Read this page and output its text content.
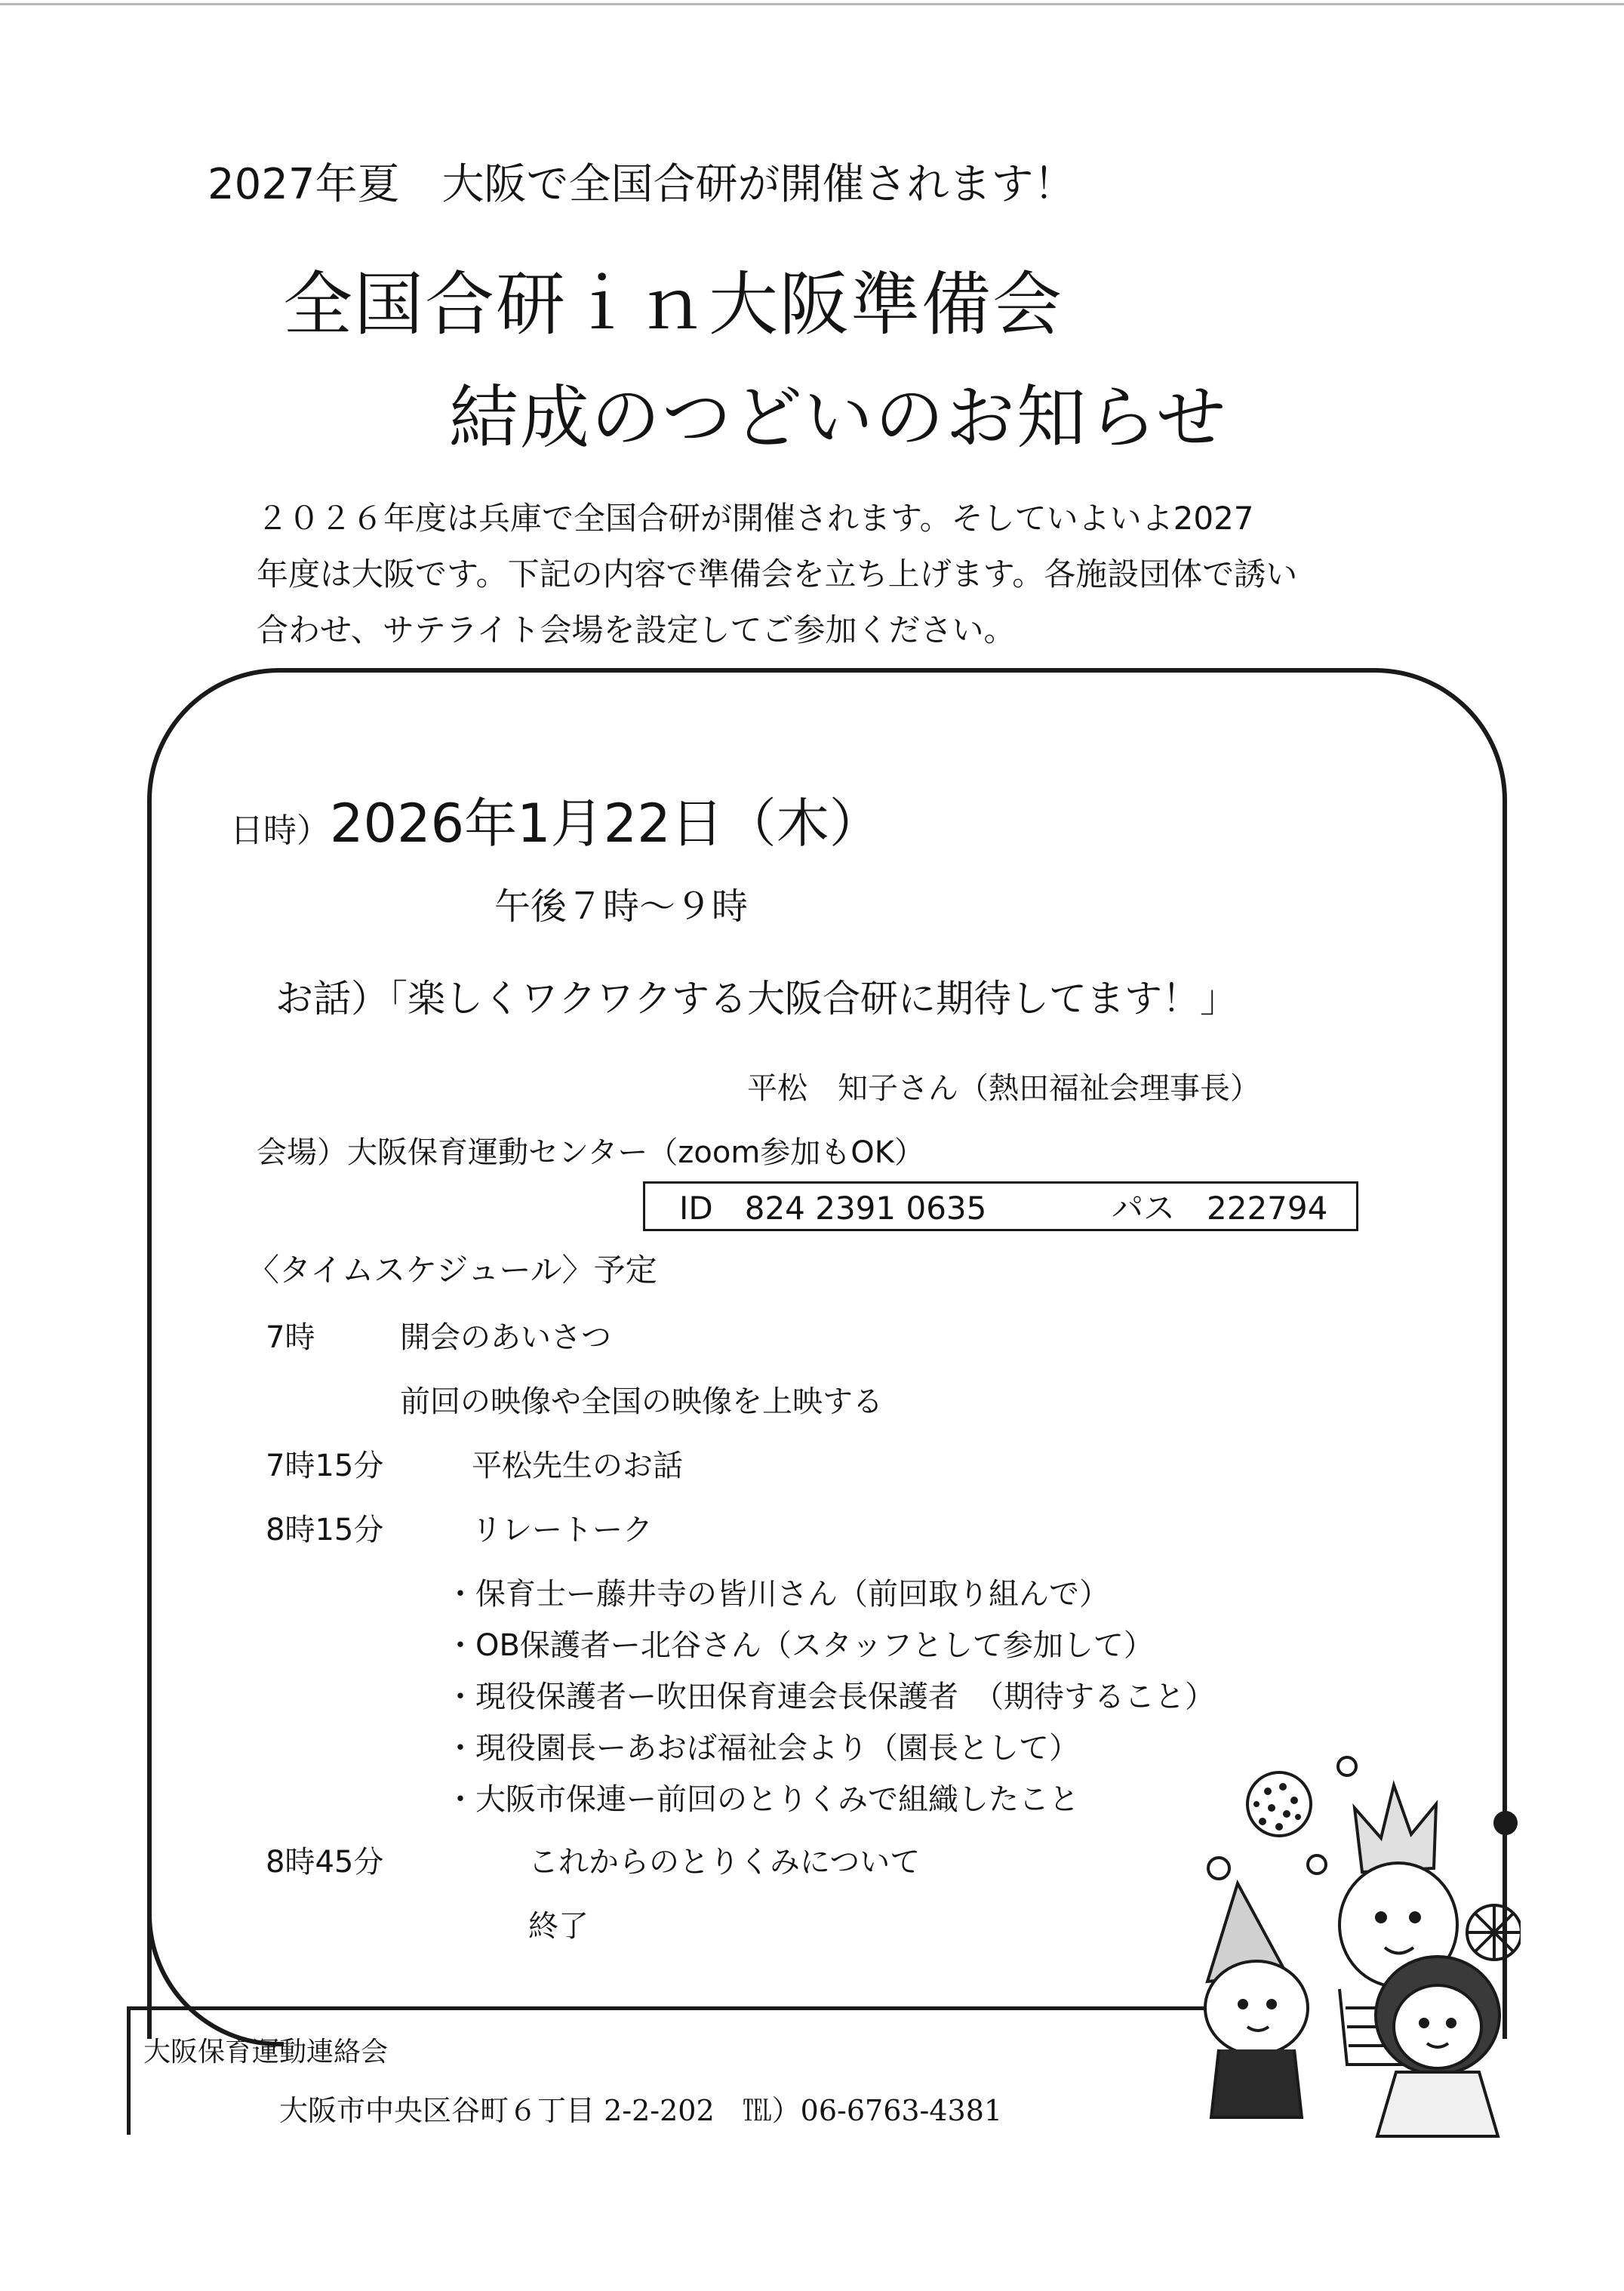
2027年夏　大阪で全国合研が開催されます！
全国合研ｉｎ大阪準備会
結成のつどいのお知らせ
２０２６年度は兵庫で全国合研が開催されます。そしていよいよ2027
年度は大阪です。下記の内容で準備会を立ち上げます。各施設団体で誘い
合わせ、サテライト会場を設定してご参加ください。
日時）2026年1月22日（木）
午後７時〜９時
お話）「楽しくワクワクする大阪合研に期待してます！」
平松　知子さん（熱田福祉会理事長）
会場）大阪保育運動センター（zoom参加もOK）
ID　824 2391 0635	パス　222794
〈タイムスケジュール〉予定
7時	開会のあいさつ
前回の映像や全国の映像を上映する
7時15分	平松先生のお話
8時15分	リレートーク
・保育士ー藤井寺の皆川さん（前回取り組んで）
・OB保護者ー北谷さん（スタッフとして参加して）
・現役保護者ー吹田保育連会長保護者　（期待すること）
・現役園長ーあおば福祉会より（園長として）
・大阪市保連ー前回のとりくみで組織したこと
8時45分	これからのとりくみについて
終了
大阪保育運動連絡会
大阪市中央区谷町６丁目 2-2-202　℡）06-6763-4381
